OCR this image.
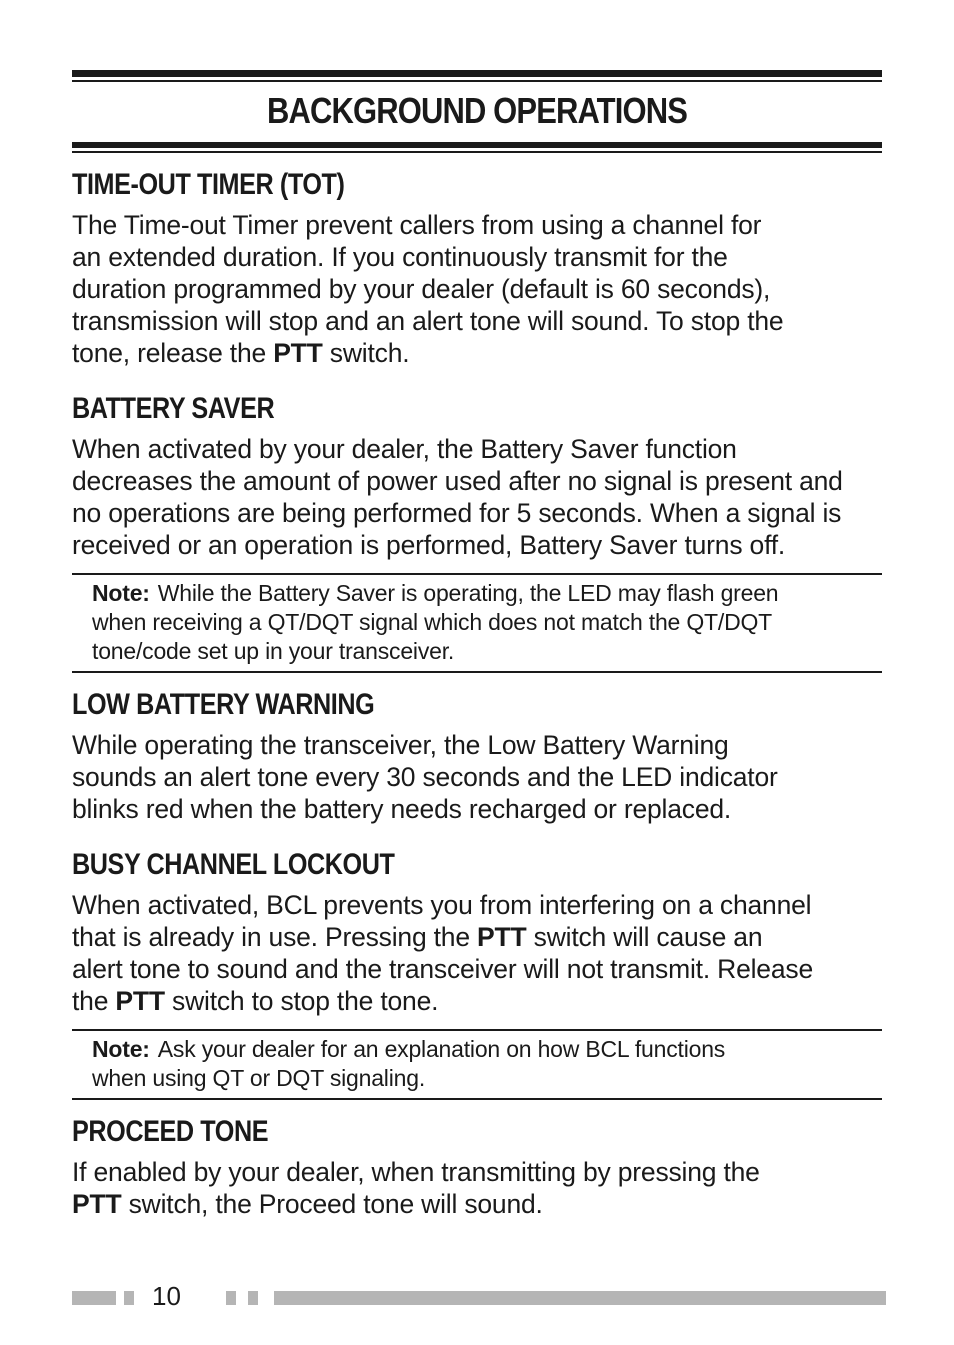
BACKGROUND OPERATIONS
TIME-OUT TIMER (TOT)

The Time-out Timer prevent callers from using a channel for
an extended duration. If you continuously transmit for the
duration programmed by your dealer (default is 60 seconds),
transmission will stop and an alert tone will sound. To stop the
tone, release the PTT switch.

BATTERY SAVER

When activated by your dealer, the Battery Saver function
decreases the amount of power used after no signal is present and
no operations are being performed for 5 seconds. When a signal is
received or an operation is performed, Battery Saver turns off.

Note: While the Battery Saver is operating, the LED may flash green
when receiving a QT/DQT signal which does not match the QT/DQT
tone/code set up in your transceiver.
LOW BATTERY WARNING

While operating the transceiver, the Low Battery Warning
sounds an alert tone every 30 seconds and the LED indicator
blinks red when the battery needs recharged or replaced.

BUSY CHANNEL LOCKOUT

When activated, BCL prevents you from interfering on a channel
that is already in use. Pressing the PTT switch will cause an
alert tone to sound and the transceiver will not transmit. Release
the PTT switch to stop the tone.

Note: Ask your dealer for an explanation on how BCL functions
when using QT or DQT signaling.
PROCEED TONE

If enabled by your dealer, when transmitting by pressing the
PTT switch, the Proceed tone will sound.

10
